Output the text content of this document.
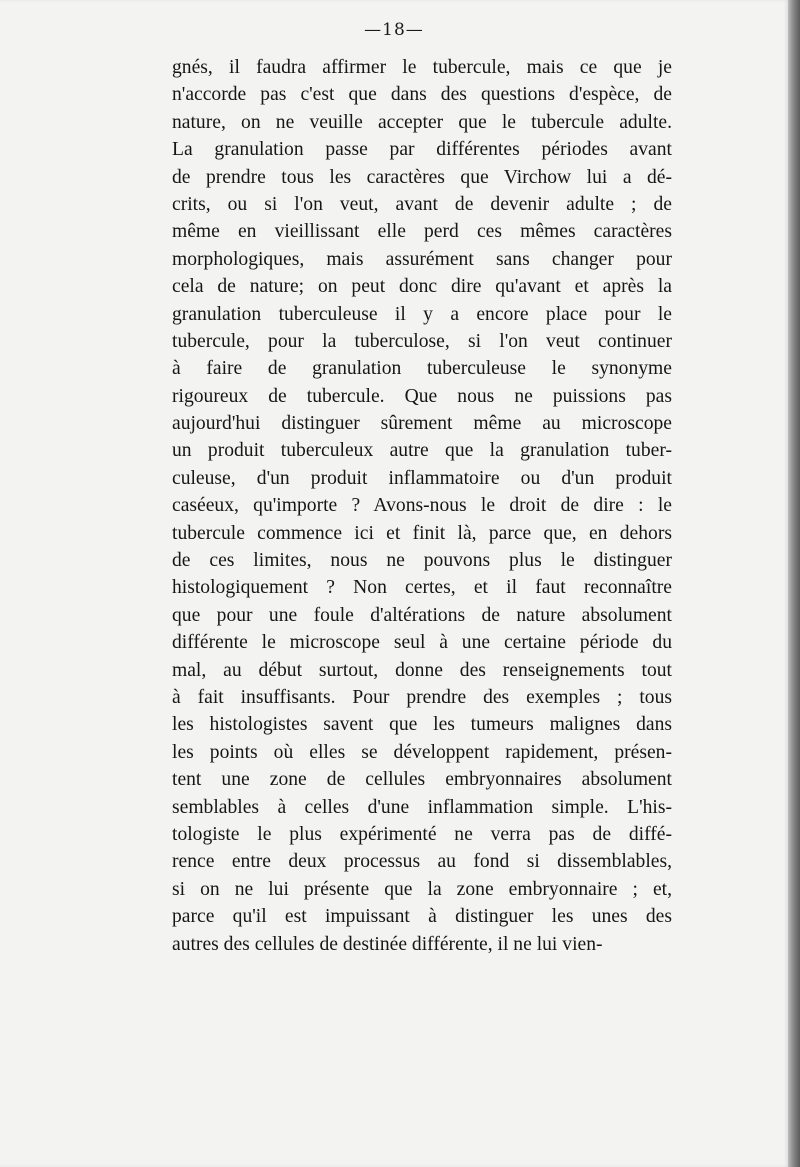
—18—
gnés, il faudra affirmer le tubercule, mais ce que je
n'accorde pas c'est que dans des questions d'espèce, de
nature, on ne veuille accepter que le tubercule adulte.
La granulation passe par différentes périodes avant
de prendre tous les caractères que Virchow lui a dé-
crits, ou si l'on veut, avant de devenir adulte ; de
même en vieillissant elle perd ces mêmes caractères
morphologiques, mais assurément sans changer pour
cela de nature; on peut donc dire qu'avant et après la
granulation tuberculeuse il y a encore place pour le
tubercule, pour la tuberculose, si l'on veut continuer
à faire de granulation tuberculeuse le synonyme
rigoureux de tubercule. Que nous ne puissions pas
aujourd'hui distinguer sûrement même au microscope
un produit tuberculeux autre que la granulation tuber-
culeuse, d'un produit inflammatoire ou d'un produit
caséeux, qu'importe ? Avons-nous le droit de dire : le
tubercule commence ici et finit là, parce que, en dehors
de ces limites, nous ne pouvons plus le distinguer
histologiquement ? Non certes, et il faut reconnaître
que pour une foule d'altérations de nature absolument
différente le microscope seul à une certaine période du
mal, au début surtout, donne des renseignements tout
à fait insuffisants. Pour prendre des exemples ; tous
les histologistes savent que les tumeurs malignes dans
les points où elles se développent rapidement, présen-
tent une zone de cellules embryonnaires absolument
semblables à celles d'une inflammation simple. L'his-
tologiste le plus expérimenté ne verra pas de diffé-
rence entre deux processus au fond si dissemblables,
si on ne lui présente que la zone embryonnaire ; et,
parce qu'il est impuissant à distinguer les unes des
autres des cellules de destinée différente, il ne lui vien-
